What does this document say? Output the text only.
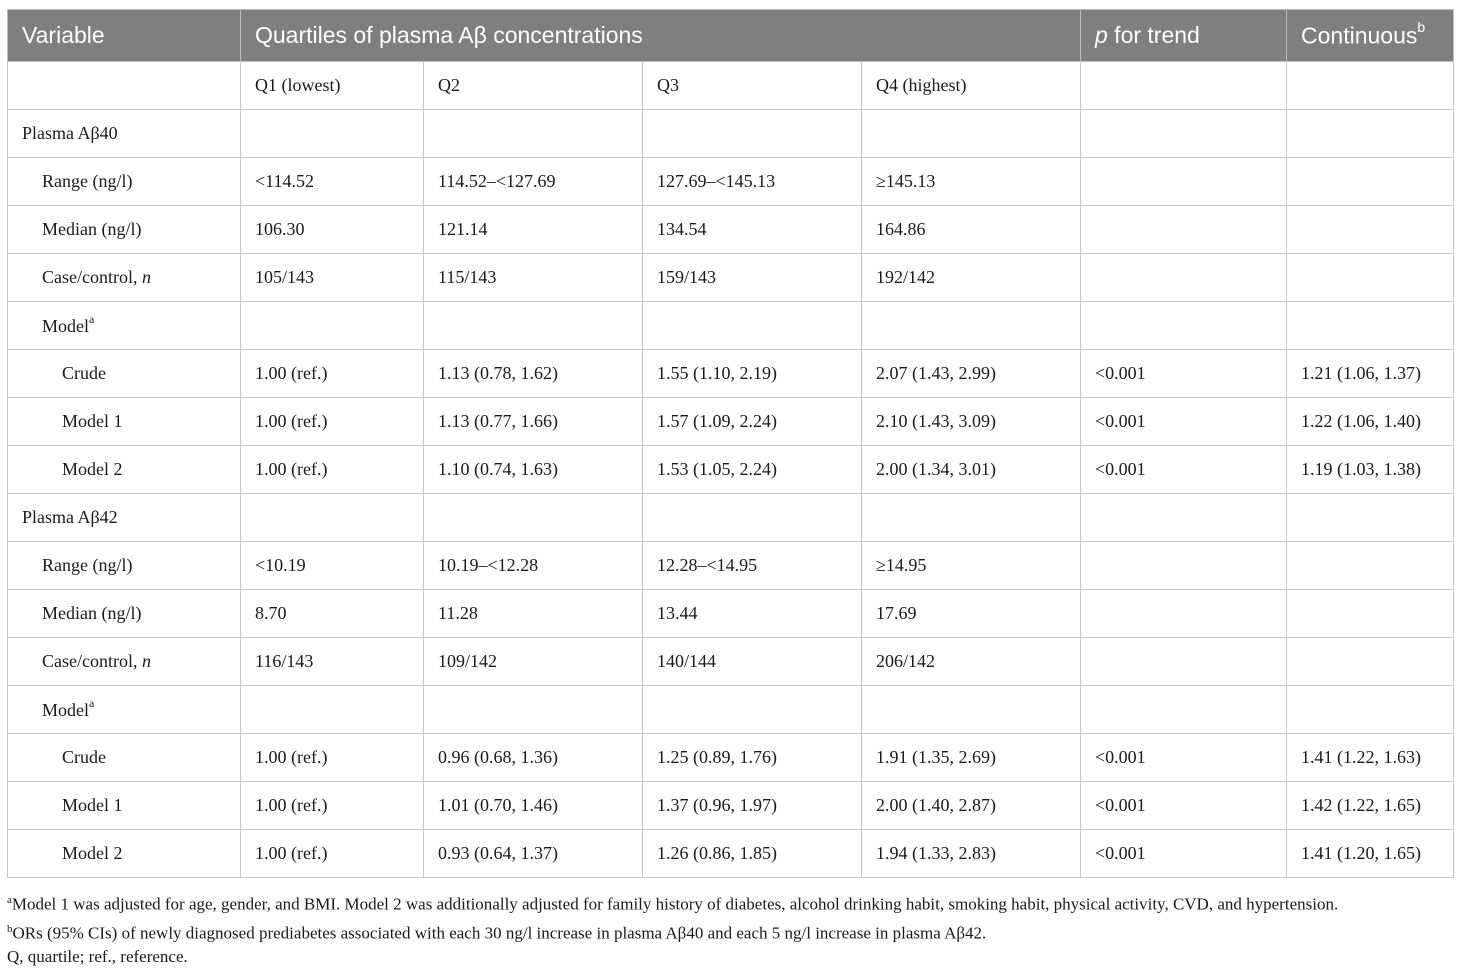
Variable	Quartiles of plasma Aβ concentrations				p for trend	Continuous$^b$
	Q1 (lowest)	Q2	Q3	Q4 (highest)		
Plasma Aβ40						
Range (ng/l)	<114.52	114.52–<127.69	127.69–<145.13	≥145.13		
Median (ng/l)	106.30	121.14	134.54	164.86		
Case/control, n	105/143	115/143	159/143	192/142		
Model$^a$						
Crude	1.00 (ref.)	1.13 (0.78, 1.62)	1.55 (1.10, 2.19)	2.07 (1.43, 2.99)	<0.001	1.21 (1.06, 1.37)
Model 1	1.00 (ref.)	1.13 (0.77, 1.66)	1.57 (1.09, 2.24)	2.10 (1.43, 3.09)	<0.001	1.22 (1.06, 1.40)
Model 2	1.00 (ref.)	1.10 (0.74, 1.63)	1.53 (1.05, 2.24)	2.00 (1.34, 3.01)	<0.001	1.19 (1.03, 1.38)
Plasma Aβ42						
Range (ng/l)	<10.19	10.19–<12.28	12.28–<14.95	≥14.95		
Median (ng/l)	8.70	11.28	13.44	17.69		
Case/control, n	116/143	109/142	140/144	206/142		
Model$^a$						
Crude	1.00 (ref.)	0.96 (0.68, 1.36)	1.25 (0.89, 1.76)	1.91 (1.35, 2.69)	<0.001	1.41 (1.22, 1.63)
Model 1	1.00 (ref.)	1.01 (0.70, 1.46)	1.37 (0.96, 1.97)	2.00 (1.40, 2.87)	<0.001	1.42 (1.22, 1.65)
Model 2	1.00 (ref.)	0.93 (0.64, 1.37)	1.26 (0.86, 1.85)	1.94 (1.33, 2.83)	<0.001	1.41 (1.20, 1.65)
$^a$Model 1 was adjusted for age, gender, and BMI. Model 2 was additionally adjusted for family history of diabetes, alcohol drinking habit, smoking habit, physical activity, CVD, and hypertension.
$^b$ORs (95% CIs) of newly diagnosed prediabetes associated with each 30 ng/l increase in plasma Aβ40 and each 5 ng/l increase in plasma Aβ42.
Q, quartile; ref., reference.
